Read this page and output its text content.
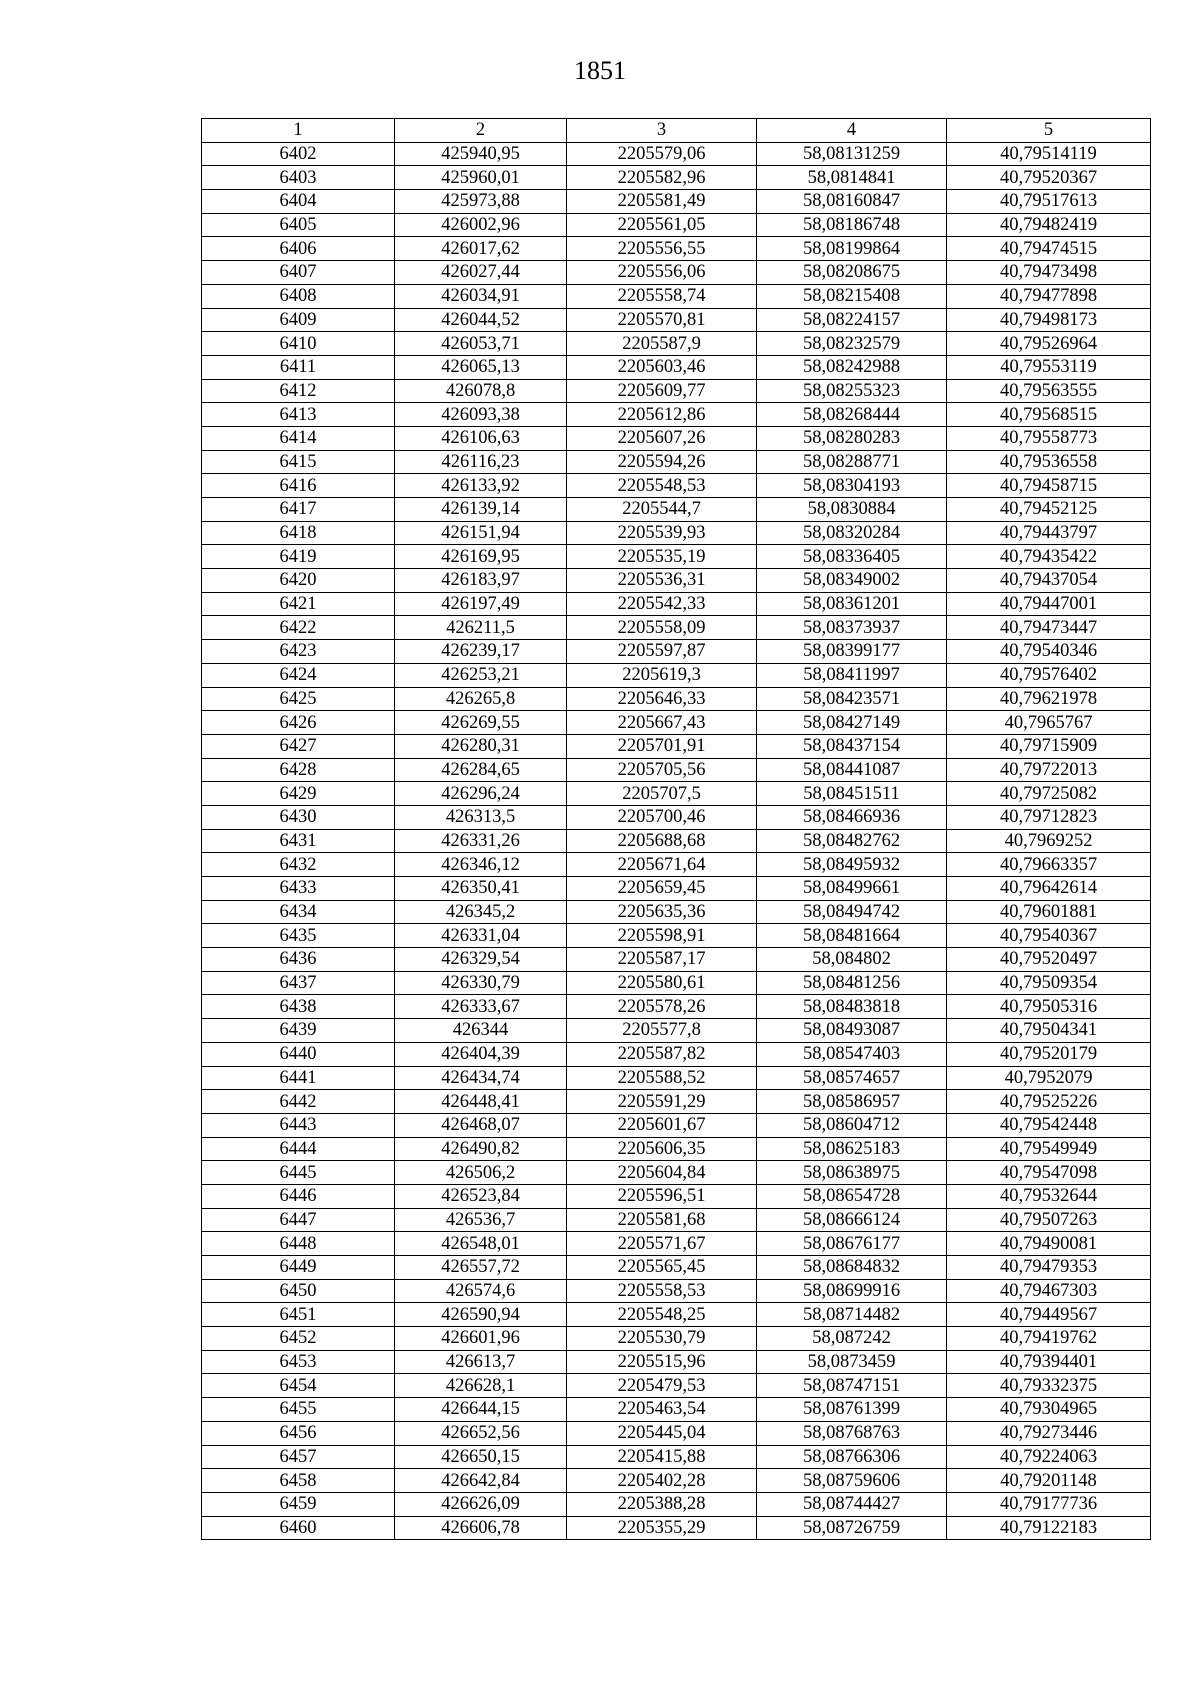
1851
1	2	3	4	5
6402	425940,95	2205579,06	58,08131259	40,79514119
6403	425960,01	2205582,96	58,0814841	40,79520367
6404	425973,88	2205581,49	58,08160847	40,79517613
6405	426002,96	2205561,05	58,08186748	40,79482419
6406	426017,62	2205556,55	58,08199864	40,79474515
6407	426027,44	2205556,06	58,08208675	40,79473498
6408	426034,91	2205558,74	58,08215408	40,79477898
6409	426044,52	2205570,81	58,08224157	40,79498173
6410	426053,71	2205587,9	58,08232579	40,79526964
6411	426065,13	2205603,46	58,08242988	40,79553119
6412	426078,8	2205609,77	58,08255323	40,79563555
6413	426093,38	2205612,86	58,08268444	40,79568515
6414	426106,63	2205607,26	58,08280283	40,79558773
6415	426116,23	2205594,26	58,08288771	40,79536558
6416	426133,92	2205548,53	58,08304193	40,79458715
6417	426139,14	2205544,7	58,0830884	40,79452125
6418	426151,94	2205539,93	58,08320284	40,79443797
6419	426169,95	2205535,19	58,08336405	40,79435422
6420	426183,97	2205536,31	58,08349002	40,79437054
6421	426197,49	2205542,33	58,08361201	40,79447001
6422	426211,5	2205558,09	58,08373937	40,79473447
6423	426239,17	2205597,87	58,08399177	40,79540346
6424	426253,21	2205619,3	58,08411997	40,79576402
6425	426265,8	2205646,33	58,08423571	40,79621978
6426	426269,55	2205667,43	58,08427149	40,7965767
6427	426280,31	2205701,91	58,08437154	40,79715909
6428	426284,65	2205705,56	58,08441087	40,79722013
6429	426296,24	2205707,5	58,08451511	40,79725082
6430	426313,5	2205700,46	58,08466936	40,79712823
6431	426331,26	2205688,68	58,08482762	40,7969252
6432	426346,12	2205671,64	58,08495932	40,79663357
6433	426350,41	2205659,45	58,08499661	40,79642614
6434	426345,2	2205635,36	58,08494742	40,79601881
6435	426331,04	2205598,91	58,08481664	40,79540367
6436	426329,54	2205587,17	58,084802	40,79520497
6437	426330,79	2205580,61	58,08481256	40,79509354
6438	426333,67	2205578,26	58,08483818	40,79505316
6439	426344	2205577,8	58,08493087	40,79504341
6440	426404,39	2205587,82	58,08547403	40,79520179
6441	426434,74	2205588,52	58,08574657	40,7952079
6442	426448,41	2205591,29	58,08586957	40,79525226
6443	426468,07	2205601,67	58,08604712	40,79542448
6444	426490,82	2205606,35	58,08625183	40,79549949
6445	426506,2	2205604,84	58,08638975	40,79547098
6446	426523,84	2205596,51	58,08654728	40,79532644
6447	426536,7	2205581,68	58,08666124	40,79507263
6448	426548,01	2205571,67	58,08676177	40,79490081
6449	426557,72	2205565,45	58,08684832	40,79479353
6450	426574,6	2205558,53	58,08699916	40,79467303
6451	426590,94	2205548,25	58,08714482	40,79449567
6452	426601,96	2205530,79	58,087242	40,79419762
6453	426613,7	2205515,96	58,0873459	40,79394401
6454	426628,1	2205479,53	58,08747151	40,79332375
6455	426644,15	2205463,54	58,08761399	40,79304965
6456	426652,56	2205445,04	58,08768763	40,79273446
6457	426650,15	2205415,88	58,08766306	40,79224063
6458	426642,84	2205402,28	58,08759606	40,79201148
6459	426626,09	2205388,28	58,08744427	40,79177736
6460	426606,78	2205355,29	58,08726759	40,79122183
